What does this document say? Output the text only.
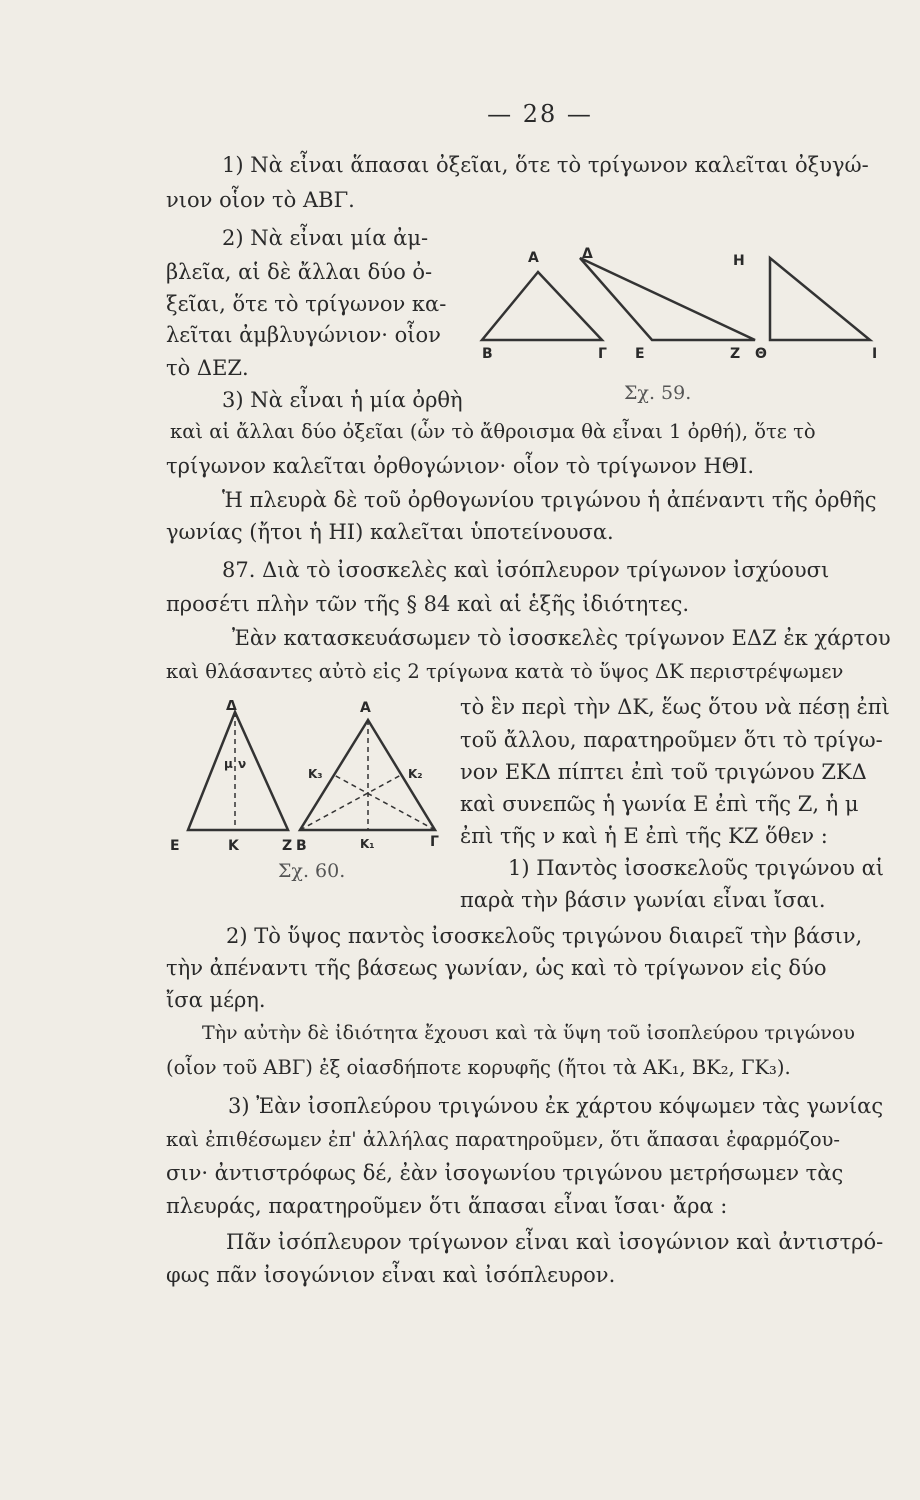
— 28 —
1) Νὰ εἶναι ἅπασαι ὀξεῖαι, ὅτε τὸ τρίγωνον καλεῖται ὀξυγώ-
νιον οἷον τὸ ΑΒΓ.
2) Νὰ εἶναι μία ἀμ-
βλεῖα, αἱ δὲ ἄλλαι δύο ὀ-
ξεῖαι, ὅτε τὸ τρίγωνον κα-
λεῖται ἀμβλυγώνιον· οἷον
τὸ ΔΕΖ.
3) Νὰ εἶναι ἡ μία ὀρθὴ
καὶ αἱ ἄλλαι δύο ὀξεῖαι (ὧν τὸ ἄθροισμα θὰ εἶναι 1 ὀρθή), ὅτε τὸ
τρίγωνον καλεῖται ὀρθογώνιον· οἷον τὸ τρίγωνον ΗΘΙ.
Ἡ πλευρὰ δὲ τοῦ ὀρθογωνίου τριγώνου ἡ ἀπέναντι τῆς ὀρθῆς
γωνίας (ἤτοι ἡ ΗΙ) καλεῖται ὑποτείνουσα.
87. Διὰ τὸ ἰσοσκελὲς καὶ ἰσόπλευρον τρίγωνον ἰσχύουσι
προσέτι πλὴν τῶν τῆς § 84 καὶ αἱ ἑξῆς ἰδιότητες.
Ἐὰν κατασκευάσωμεν τὸ ἰσοσκελὲς τρίγωνον ΕΔΖ ἐκ χάρτου
καὶ θλάσαντες αὐτὸ εἰς 2 τρίγωνα κατὰ τὸ ὕψος ΔΚ περιστρέψωμεν
τὸ ἓν περὶ τὴν ΔΚ, ἕως ὅτου νὰ πέσῃ ἐπὶ
τοῦ ἄλλου, παρατηροῦμεν ὅτι τὸ τρίγω-
νον ΕΚΔ πίπτει ἐπὶ τοῦ τριγώνου ΖΚΔ
καὶ συνεπῶς ἡ γωνία Ε ἐπὶ τῆς Ζ, ἡ μ
ἐπὶ τῆς ν καὶ ἡ Ε ἐπὶ τῆς ΚΖ ὅθεν :
1) Παντὸς ἰσοσκελοῦς τριγώνου αἱ
παρὰ τὴν βάσιν γωνίαι εἶναι ἴσαι.
2) Τὸ ὕψος παντὸς ἰσοσκελοῦς τριγώνου διαιρεῖ τὴν βάσιν,
τὴν ἀπέναντι τῆς βάσεως γωνίαν, ὡς καὶ τὸ τρίγωνον εἰς δύο
ἴσα μέρη.
Τὴν αὐτὴν δὲ ἰδιότητα ἔχουσι καὶ τὰ ὕψη τοῦ ἰσοπλεύρου τριγώνου
(οἷον τοῦ ΑΒΓ) ἐξ οἱασδήποτε κορυφῆς (ἤτοι τὰ ΑΚ₁, ΒΚ₂, ΓΚ₃).
3) Ἐὰν ἰσοπλεύρου τριγώνου ἐκ χάρτου κόψωμεν τὰς γωνίας
καὶ ἐπιθέσωμεν ἐπ' ἀλλήλας παρατηροῦμεν, ὅτι ἅπασαι ἐφαρμόζου-
σιν· ἀντιστρόφως δέ, ἐὰν ἰσογωνίου τριγώνου μετρήσωμεν τὰς
πλευράς, παρατηροῦμεν ὅτι ἅπασαι εἶναι ἴσαι· ἄρα :
Πᾶν ἰσόπλευρον τρίγωνον εἶναι καὶ ἰσογώνιον καὶ ἀντιστρό-
φως πᾶν ἰσογώνιον εἶναι καὶ ἰσόπλευρον.
A
B	Γ
Δ
Ε	Ζ
Η
Θ	Ι
Σχ. 59.
Δ
μ ν
Ε	Κ	Ζ
Α
Β	Γ
Κ₁
Κ₂
Κ₃
Σχ. 60.
